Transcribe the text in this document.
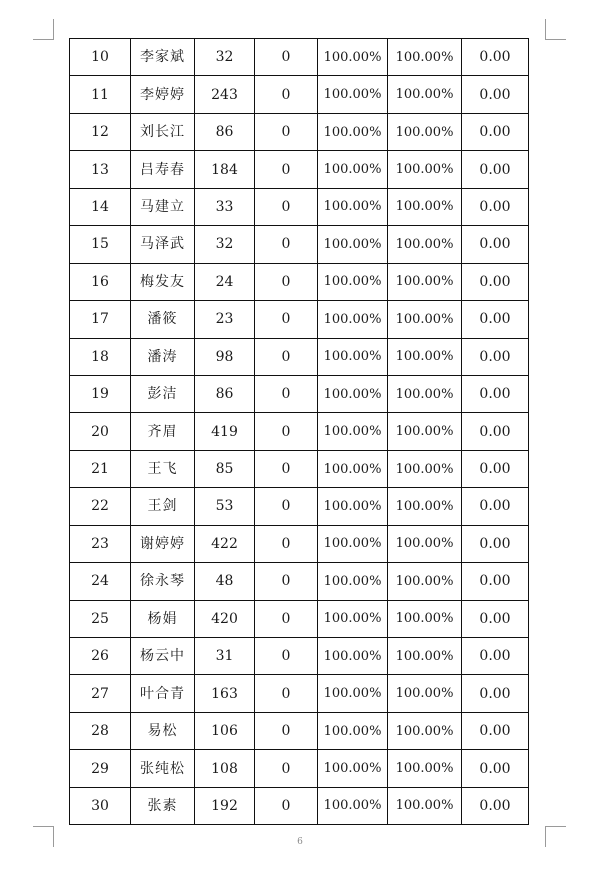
10	李家斌	32	0	100.00%	100.00%	0.00
11	李婷婷	243	0	100.00%	100.00%	0.00
12	刘长江	86	0	100.00%	100.00%	0.00
13	吕寿春	184	0	100.00%	100.00%	0.00
14	马建立	33	0	100.00%	100.00%	0.00
15	马泽武	32	0	100.00%	100.00%	0.00
16	梅发友	24	0	100.00%	100.00%	0.00
17	潘筱	23	0	100.00%	100.00%	0.00
18	潘涛	98	0	100.00%	100.00%	0.00
19	彭洁	86	0	100.00%	100.00%	0.00
20	齐眉	419	0	100.00%	100.00%	0.00
21	王飞	85	0	100.00%	100.00%	0.00
22	王剑	53	0	100.00%	100.00%	0.00
23	谢婷婷	422	0	100.00%	100.00%	0.00
24	徐永琴	48	0	100.00%	100.00%	0.00
25	杨娟	420	0	100.00%	100.00%	0.00
26	杨云中	31	0	100.00%	100.00%	0.00
27	叶合青	163	0	100.00%	100.00%	0.00
28	易松	106	0	100.00%	100.00%	0.00
29	张纯松	108	0	100.00%	100.00%	0.00
30	张素	192	0	100.00%	100.00%	0.00
6
